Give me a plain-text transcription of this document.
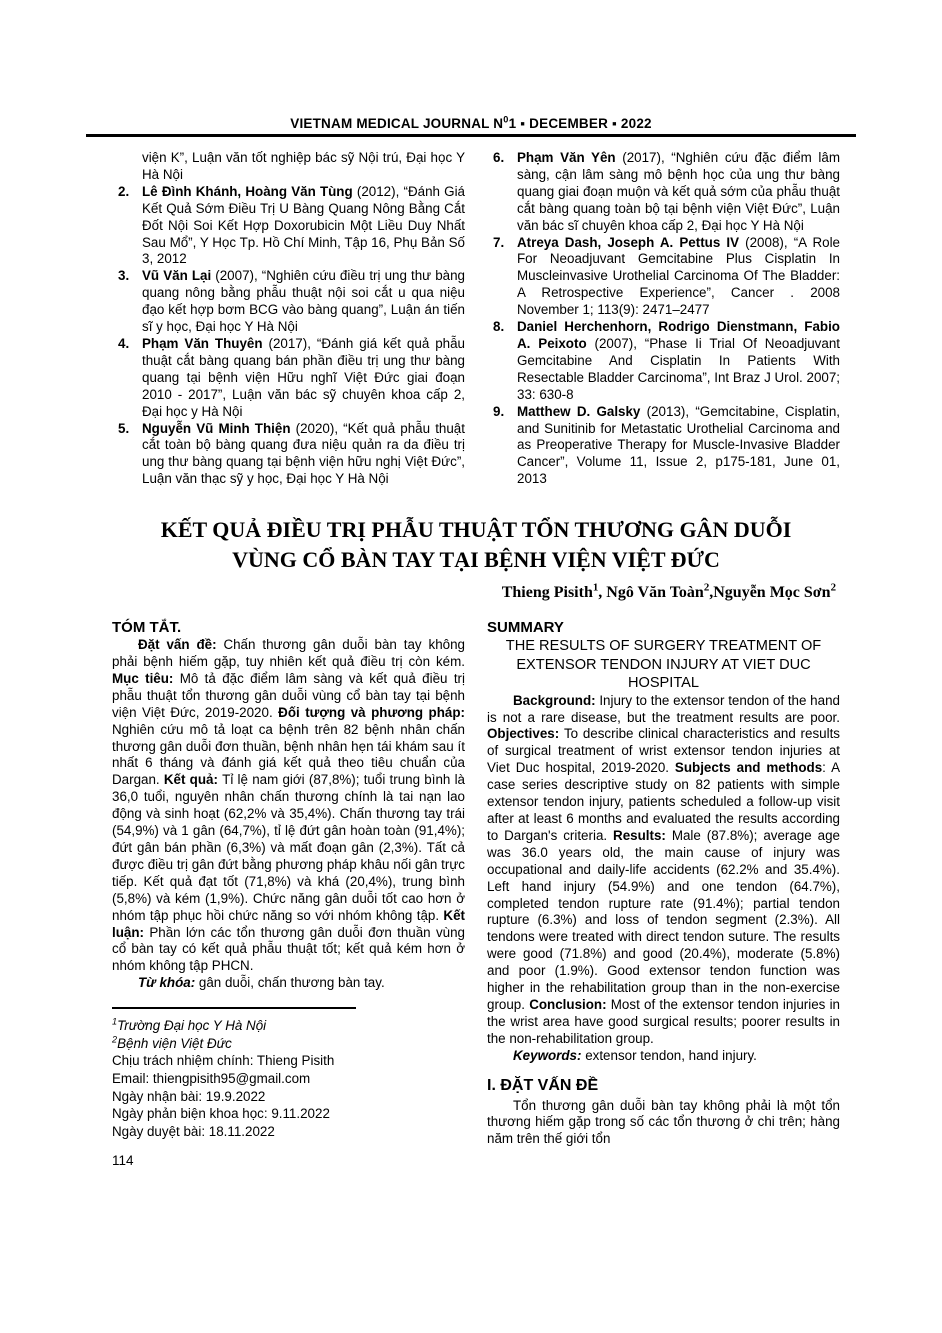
VIETNAM MEDICAL JOURNAL $N^01$ ▪ DECEMBER ▪ 2022
viện K”, Luận văn tốt nghiệp bác sỹ Nội trú, Đại học Y Hà Nội
2. Lê Đình Khánh, Hoàng Văn Tùng (2012), “Đánh Giá Kết Quả Sớm Điều Trị U Bàng Quang Nông Bằng Cắt Đốt Nội Soi Kết Hợp Doxorubicin Một Liều Duy Nhất Sau Mổ”, Y Học Tp. Hồ Chí Minh, Tập 16, Phụ Bản Số 3, 2012
3. Vũ Văn Lại (2007), “Nghiên cứu điều trị ung thư bàng quang nông bằng phẫu thuật nội soi cắt u qua niệu đạo kết hợp bơm BCG vào bàng quang”, Luận án tiến sĩ y học, Đại học Y Hà Nội
4. Phạm Văn Thuyên (2017), “Đánh giá kết quả phẫu thuật cắt bàng quang bán phần điều trị ung thư bàng quang tại bệnh viện Hữu nghĩ Việt Đức giai đoạn 2010 - 2017”, Luận văn bác sỹ chuyên khoa cấp 2, Đại học y Hà Nội
5. Nguyễn Vũ Minh Thiện (2020), “Kết quả phẫu thuật cắt toàn bộ bàng quang đưa niệu quản ra da điều trị ung thư bàng quang tại bệnh viện hữu nghị Việt Đức”, Luận văn thạc sỹ y học, Đại học Y Hà Nội
6. Phạm Văn Yên (2017), “Nghiên cứu đặc điểm lâm sàng, cận lâm sàng mô bệnh học của ung thư bàng quang giai đoạn muộn và kết quả sớm của phẫu thuật cắt bàng quang toàn bộ tại bệnh viện Việt Đức”, Luận văn bác sĩ chuyên khoa cấp 2, Đại học Y Hà Nội
7. Atreya Dash, Joseph A. Pettus IV (2008), “A Role For Neoadjuvant Gemcitabine Plus Cisplatin In Muscleinvasive Urothelial Carcinoma Of The Bladder: A Retrospective Experience”, Cancer . 2008 November 1; 113(9): 2471–2477
8. Daniel Herchenhorn, Rodrigo Dienstmann, Fabio A. Peixoto (2007), “Phase Ii Trial Of Neoadjuvant Gemcitabine And Cisplatin In Patients With Resectable Bladder Carcinoma”, Int Braz J Urol. 2007; 33: 630-8
9. Matthew D. Galsky (2013), “Gemcitabine, Cisplatin, and Sunitinib for Metastatic Urothelial Carcinoma and as Preoperative Therapy for Muscle-Invasive Bladder Cancer”, Volume 11, Issue 2, p175-181, June 01, 2013
KẾT QUẢ ĐIỀU TRỊ PHẪU THUẬT TỔN THƯƠNG GÂN DUỖI
VÙNG CỔ BÀN TAY TẠI BỆNH VIỆN VIỆT ĐỨC
Thieng Pisith$^1$, Ngô Văn Toàn$^2$,Nguyễn Mọc Sơn$^2$
TÓM TẮT.
Đặt vấn đề: Chấn thương gân duỗi bàn tay không phải bệnh hiếm gặp, tuy nhiên kết quả điều trị còn kém. Mục tiêu: Mô tả đặc điểm lâm sàng và kết quả điều trị phẫu thuật tổn thương gân duỗi vùng cổ bàn tay tại bệnh viện Việt Đức, 2019-2020. Đối tượng và phương pháp: Nghiên cứu mô tả loạt ca bệnh trên 82 bệnh nhân chấn thương gân duỗi đơn thuần, bệnh nhân hẹn tái khám sau ít nhất 6 tháng và đánh giá kết quả theo tiêu chuẩn của Dargan. Kết quả: Tỉ lệ nam giới (87,8%); tuổi trung bình là 36,0 tuổi, nguyên nhân chấn thương chính là tai nạn lao động và sinh hoạt (62,2% và 35,4%). Chấn thương tay trái (54,9%) và 1 gân (64,7%), tỉ lệ đứt gân hoàn toàn (91,4%); đứt gân bán phần (6,3%) và mất đoạn gân (2,3%). Tất cả được điều trị gân đứt bằng phương pháp khâu nối gân trực tiếp. Kết quả đạt tốt (71,8%) và khá (20,4%), trung bình (5,8%) và kém (1,9%). Chức năng gân duỗi tốt cao hơn ở nhóm tập phục hồi chức năng so với nhóm không tập. Kết luận: Phần lớn các tổn thương gân duỗi đơn thuần vùng cổ bàn tay có kết quả phẫu thuật tốt; kết quả kém hơn ở nhóm không tập PHCN.
Từ khóa: gân duỗi, chấn thương bàn tay.
$^1$Trường Đại học Y Hà Nội
$^2$Bệnh viện Việt Đức
Chịu trách nhiệm chính: Thieng Pisith
Email: thiengpisith95@gmail.com
Ngày nhận bài: 19.9.2022
Ngày phản biện khoa học: 9.11.2022
Ngày duyệt bài: 18.11.2022
SUMMARY
THE RESULTS OF SURGERY TREATMENT OF EXTENSOR TENDON INJURY AT VIET DUC HOSPITAL
Background: Injury to the extensor tendon of the hand is not a rare disease, but the treatment results are poor. Objectives: To describe clinical characteristics and results of surgical treatment of wrist extensor tendon injuries at Viet Duc hospital, 2019-2020. Subjects and methods: A case series descriptive study on 82 patients with simple extensor tendon injury, patients scheduled a follow-up visit after at least 6 months and evaluated the results according to Dargan's criteria. Results: Male (87.8%); average age was 36.0 years old, the main cause of injury was occupational and daily-life accidents (62.2% and 35.4%). Left hand injury (54.9%) and one tendon (64.7%), completed tendon rupture rate (91.4%); partial tendon rupture (6.3%) and loss of tendon segment (2.3%). All tendons were treated with direct tendon suture. The results were good (71.8%) and good (20.4%), moderate (5.8%) and poor (1.9%). Good extensor tendon function was higher in the rehabilitation group than in the non-exercise group. Conclusion: Most of the extensor tendon injuries in the wrist area have good surgical results; poorer results in the non-rehabilitation group.
Keywords: extensor tendon, hand injury.
I. ĐẶT VẤN ĐỀ
Tổn thương gân duỗi bàn tay không phải là một tổn thương hiếm gặp trong số các tổn thương ở chi trên; hàng năm trên thế giới tổn
114
